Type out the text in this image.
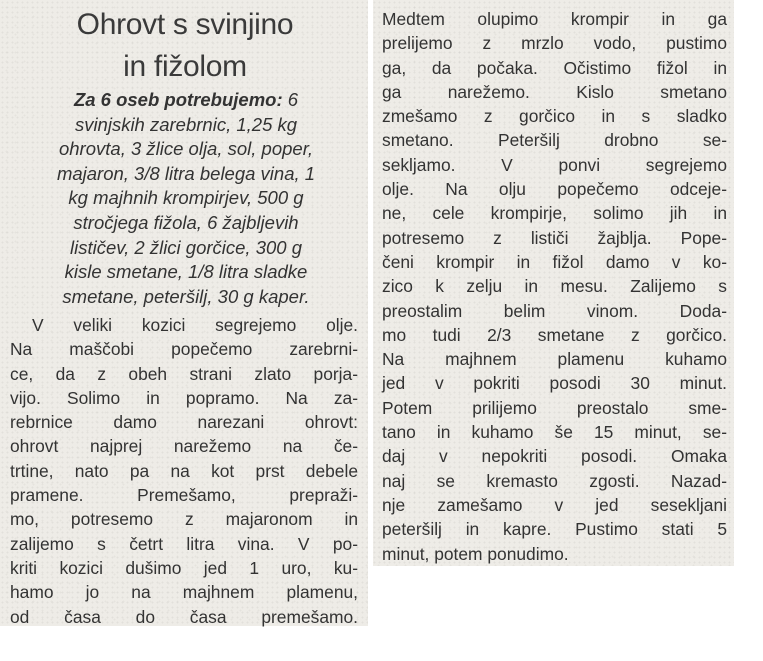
Ohrovt s svinjino
in fižolom

Za 6 oseb potrebujemo: 6
svinjskih zarebrnic, 1,25 kg
ohrovta, 3 žlice olja, sol, poper,
majaron, 3/8 litra belega vina, 1
kg majhnih krompirjev, 500 g
stročjega fižola, 6 žajbljevih
lističev, 2 žlici gorčice, 300 g
kisle smetane, 1/8 litra sladke
smetane, peteršilj, 30 g kaper.

V veliki kozici segrejemo olje.
Na maščobi popečemo zarebrni-
ce, da z obeh strani zlato porja-
vijo. Solimo in popramo. Na za-
rebrnice damo narezani ohrovt:
ohrovt najprej narežemo na če-
trtine, nato pa na kot prst debele
pramene. Premešamo, prepraži-
mo, potresemo z majaronom in
zalijemo s četrt litra vina. V po-
kriti kozici dušimo jed 1 uro, ku-
hamo jo na majhnem plamenu,
od časa do časa premešamo.

Medtem olupimo krompir in ga
prelijemo z mrzlo vodo, pustimo
ga, da počaka. Očistimo fižol in
ga narežemo. Kislo smetano
zmešamo z gorčico in s sladko
smetano. Peteršilj drobno se-
sekljamo. V ponvi segrejemo
olje. Na olju popečemo odceje-
ne, cele krompirje, solimo jih in
potresemo z lističi žajblja. Pope-
čeni krompir in fižol damo v ko-
zico k zelju in mesu. Zalijemo s
preostalim belim vinom. Doda-
mo tudi 2/3 smetane z gorčico.
Na majhnem plamenu kuhamo
jed v pokriti posodi 30 minut.
Potem prilijemo preostalo sme-
tano in kuhamo še 15 minut, se-
daj v nepokriti posodi. Omaka
naj se kremasto zgosti. Nazad-
nje zamešamo v jed sesekljani
peteršilj in kapre. Pustimo stati 5
minut, potem ponudimo.
